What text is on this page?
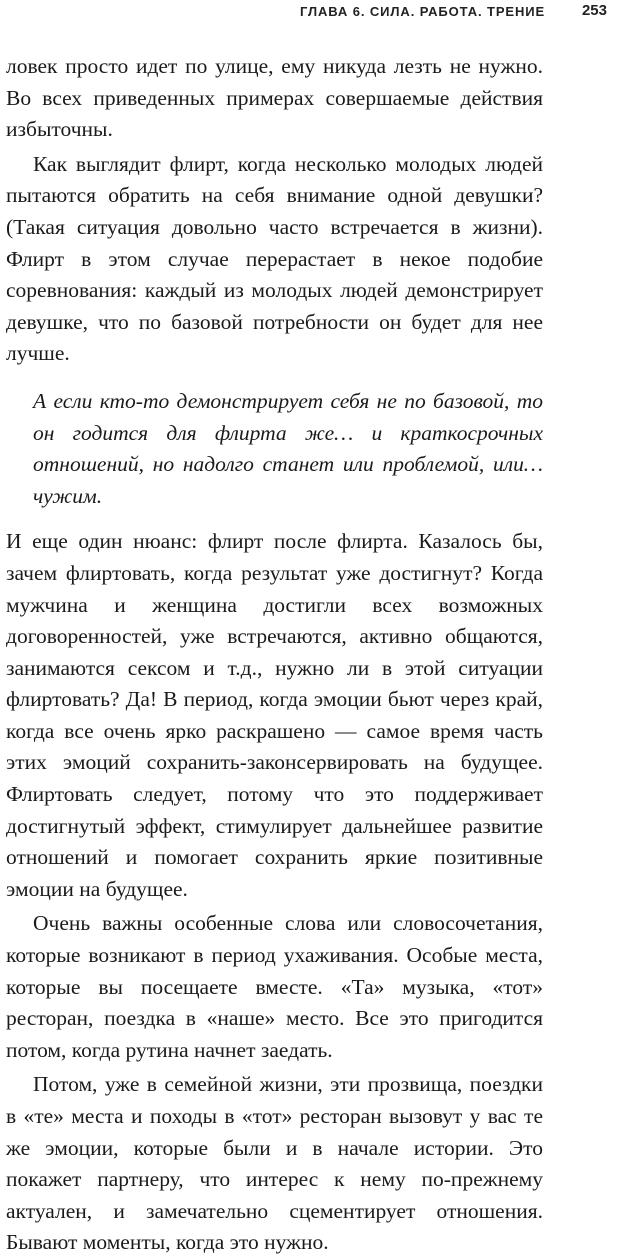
ГЛАВА 6. СИЛА. РАБОТА. ТРЕНИЕ 253

ловек просто идет по улице, ему никуда лезть не нужно. Во всех приведенных примерах совершаемые действия избыточны.

Как выглядит флирт, когда несколько молодых людей пытаются обратить на себя внимание одной девушки? (Такая ситуация довольно часто встречается в жизни). Флирт в этом случае перерастает в некое подобие соревнования: каждый из молодых людей демонстрирует девушке, что по базовой потребности он будет для нее лучше.

А если кто-то демонстрирует себя не по базовой, то он годится для флирта же… и краткосрочных отношений, но надолго станет или проблемой, или… чужим.

И еще один нюанс: флирт после флирта. Казалось бы, зачем флиртовать, когда результат уже достигнут? Когда мужчина и женщина достигли всех возможных договоренностей, уже встречаются, активно общаются, занимаются сексом и т.д., нужно ли в этой ситуации флиртовать? Да! В период, когда эмоции бьют через край, когда все очень ярко раскрашено — самое время часть этих эмоций сохранить-законсервировать на будущее. Флиртовать следует, потому что это поддерживает достигнутый эффект, стимулирует дальнейшее развитие отношений и помогает сохранить яркие позитивные эмоции на будущее.

Очень важны особенные слова или словосочетания, которые возникают в период ухаживания. Особые места, которые вы посещаете вместе. «Та» музыка, «тот» ресторан, поездка в «наше» место. Все это пригодится потом, когда рутина начнет заедать.

Потом, уже в семейной жизни, эти прозвища, поездки в «те» места и походы в «тот» ресторан вызовут у вас те же эмоции, которые были и в начале истории. Это покажет партнеру, что интерес к нему по-прежнему актуален, и замечательно сцементирует отношения. Бывают моменты, когда это нужно.
